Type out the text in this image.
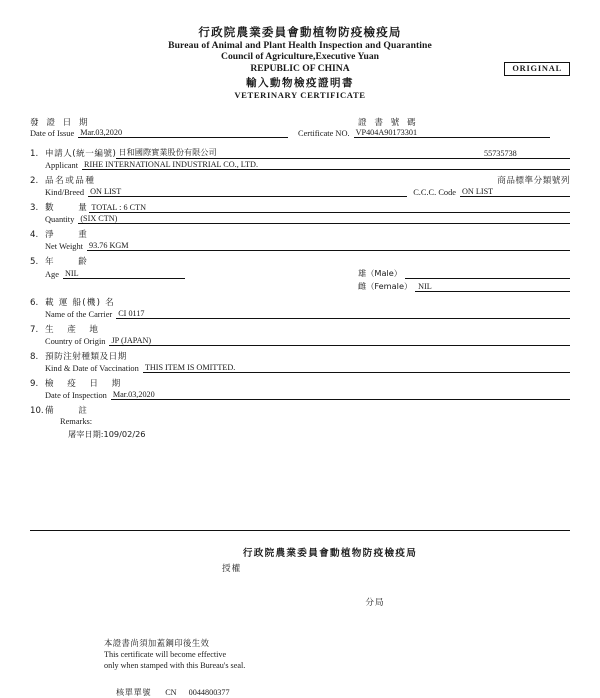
行政院農業委員會動植物防疫檢疫局
Bureau of Animal and Plant Health Inspection and Quarantine
Council of Agriculture,Executive Yuan
REPUBLIC OF CHINA
輸入動物檢疫證明書
VETERINARY CERTIFICATE
ORIGINAL
發 證 日 期
Date of Issue Mar.03,2020
證 書 號 碼
Certificate NO. VP404A90173301
1. 申請人(統一編號) 日和國際實業股份有限公司	55735738
Applicant RIHE INTERNATIONAL INDUSTRIAL CO., LTD.
2. 品名或品種	商品標準分類號列
Kind/Breed ON LIST	C.C.C. Code ON LIST
3. 數　　量 TOTAL : 6 CTN
Quantity (SIX CTN)
4. 淨　　重
Net Weight 93.76 KGM
5. 年　　齡
Age NIL	雄（Male）
雌（Female） NIL
6. 載 運 船(機) 名
Name of the Carrier CI 0117
7. 生　產　地
Country of Origin JP (JAPAN)
8. 預防注射種類及日期
Kind & Date of Vaccination THIS ITEM IS OMITTED.
9. 檢　疫　日　期
Date of Inspection Mar.03,2020
10. 備　　註
Remarks:
屠宰日期:109/02/26
行政院農業委員會動植物防疫檢疫局
授權
分局
本證書尚須加蓋鋼印後生效
This certificate will become effective
only when stamped with this Bureau's seal.
核單單號 CN 0044800377
